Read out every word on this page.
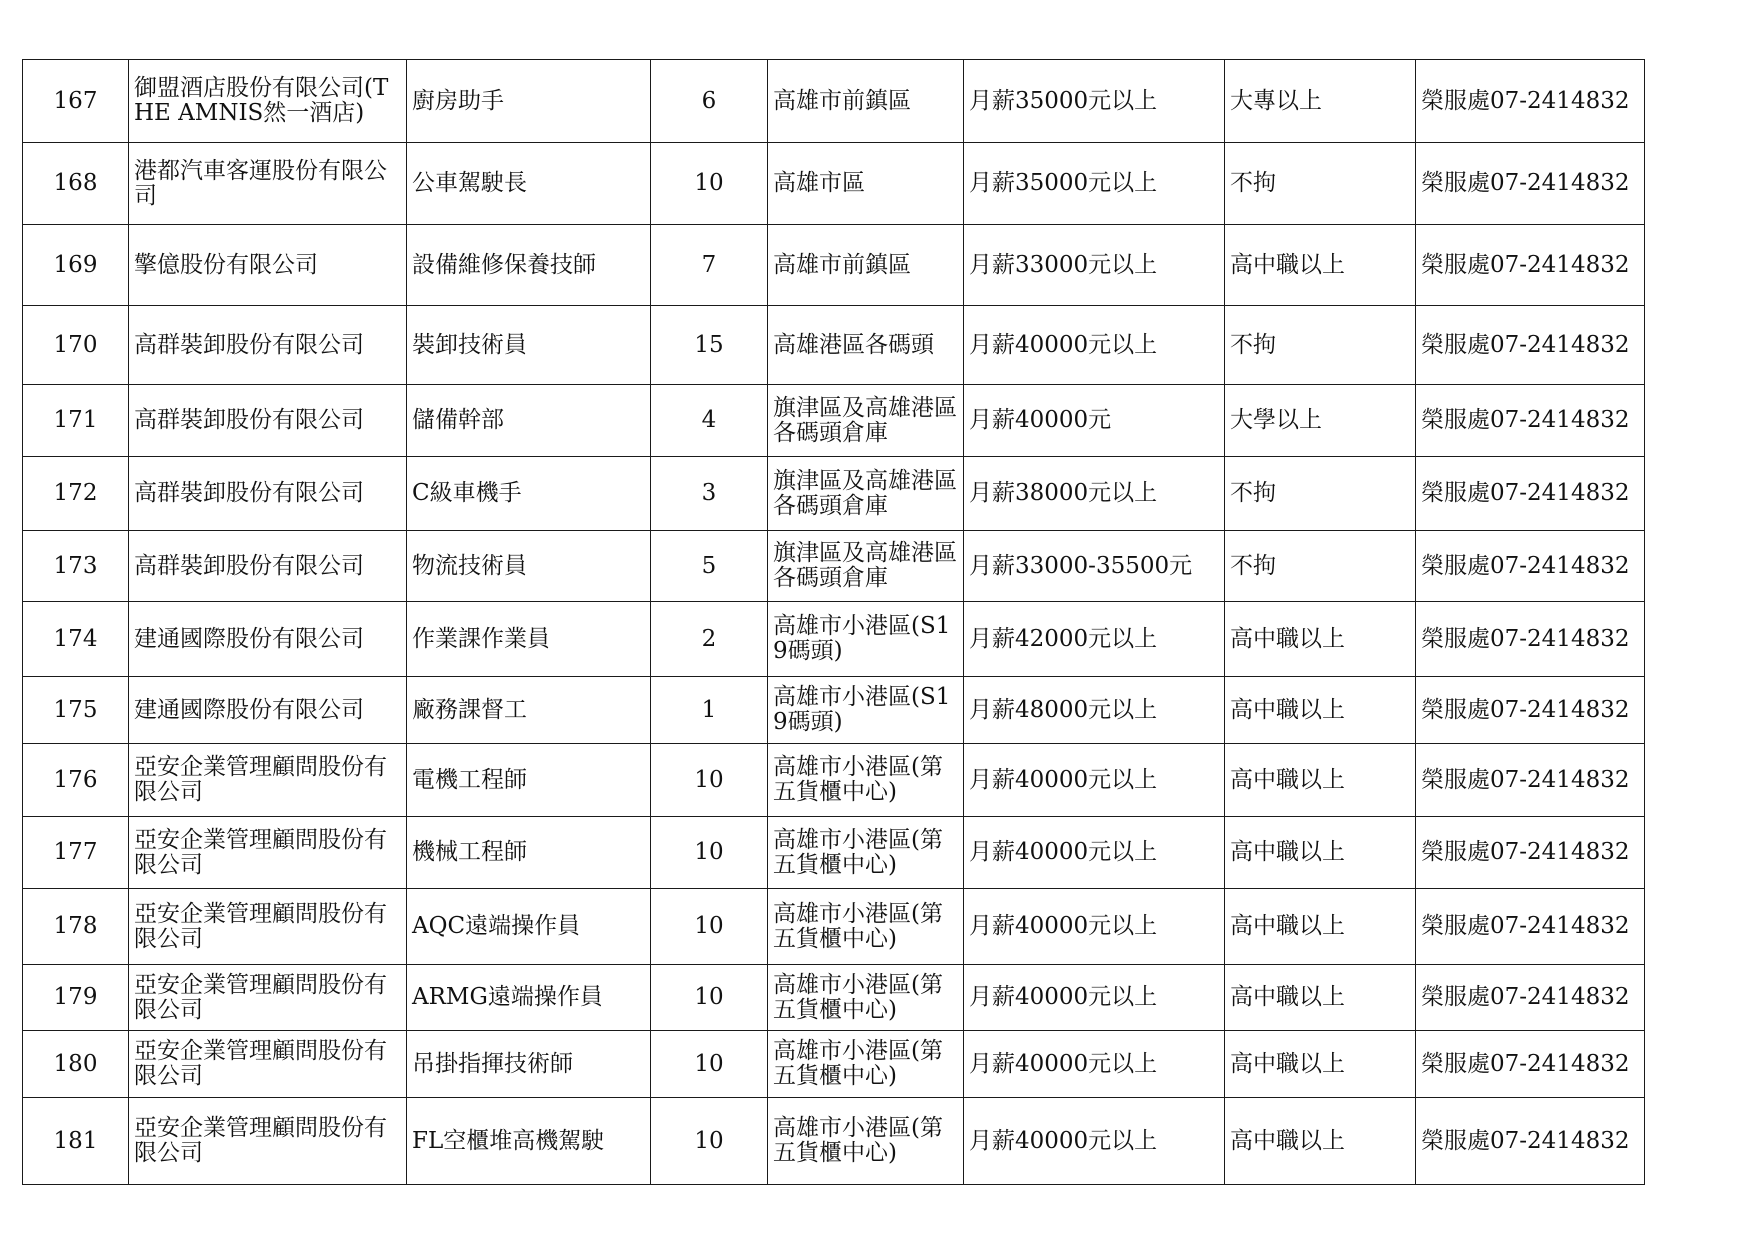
167	御盟酒店股份有限公司(THE AMNIS然一酒店)	廚房助手	6	高雄市前鎮區	月薪35000元以上	大專以上	榮服處07-2414832
168	港都汽車客運股份有限公司	公車駕駛長	10	高雄市區	月薪35000元以上	不拘	榮服處07-2414832
169	擎億股份有限公司	設備維修保養技師	7	高雄市前鎮區	月薪33000元以上	高中職以上	榮服處07-2414832
170	高群裝卸股份有限公司	裝卸技術員	15	高雄港區各碼頭	月薪40000元以上	不拘	榮服處07-2414832
171	高群裝卸股份有限公司	儲備幹部	4	旗津區及高雄港區各碼頭倉庫	月薪40000元	大學以上	榮服處07-2414832
172	高群裝卸股份有限公司	C級車機手	3	旗津區及高雄港區各碼頭倉庫	月薪38000元以上	不拘	榮服處07-2414832
173	高群裝卸股份有限公司	物流技術員	5	旗津區及高雄港區各碼頭倉庫	月薪33000-35500元	不拘	榮服處07-2414832
174	建通國際股份有限公司	作業課作業員	2	高雄市小港區(S19碼頭)	月薪42000元以上	高中職以上	榮服處07-2414832
175	建通國際股份有限公司	廠務課督工	1	高雄市小港區(S19碼頭)	月薪48000元以上	高中職以上	榮服處07-2414832
176	亞安企業管理顧問股份有限公司	電機工程師	10	高雄市小港區(第五貨櫃中心)	月薪40000元以上	高中職以上	榮服處07-2414832
177	亞安企業管理顧問股份有限公司	機械工程師	10	高雄市小港區(第五貨櫃中心)	月薪40000元以上	高中職以上	榮服處07-2414832
178	亞安企業管理顧問股份有限公司	AQC遠端操作員	10	高雄市小港區(第五貨櫃中心)	月薪40000元以上	高中職以上	榮服處07-2414832
179	亞安企業管理顧問股份有限公司	ARMG遠端操作員	10	高雄市小港區(第五貨櫃中心)	月薪40000元以上	高中職以上	榮服處07-2414832
180	亞安企業管理顧問股份有限公司	吊掛指揮技術師	10	高雄市小港區(第五貨櫃中心)	月薪40000元以上	高中職以上	榮服處07-2414832
181	亞安企業管理顧問股份有限公司	FL空櫃堆高機駕駛	10	高雄市小港區(第五貨櫃中心)	月薪40000元以上	高中職以上	榮服處07-2414832
